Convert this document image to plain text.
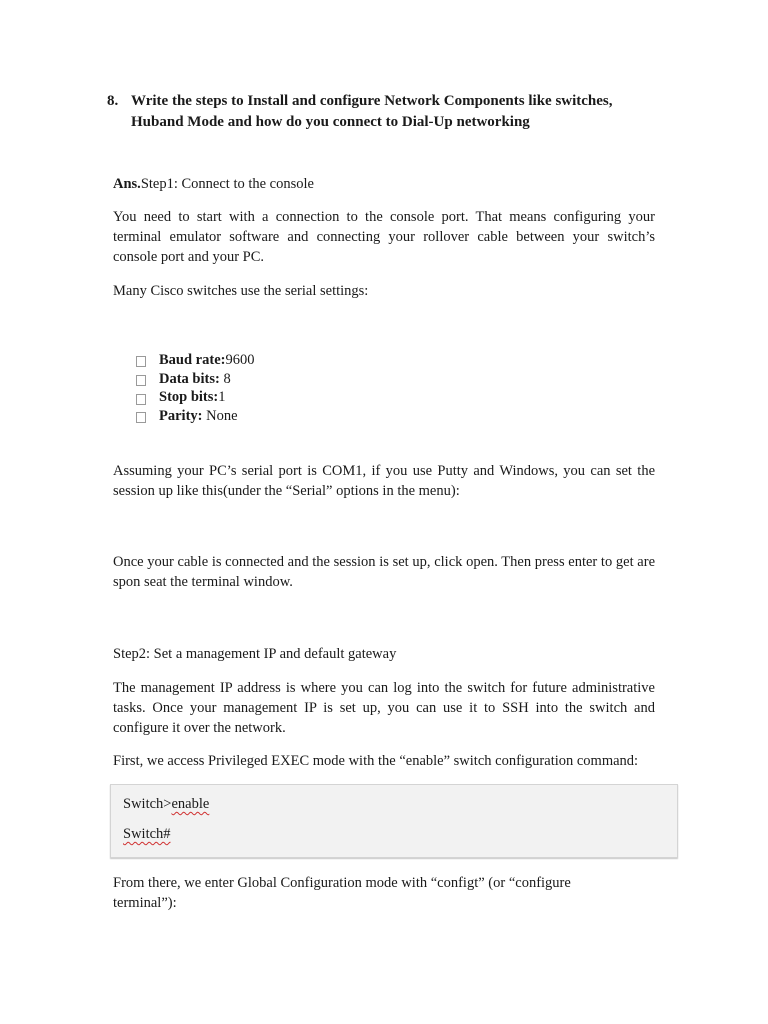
8. Write the steps to Install and configure Network Components like switches,
Huband Mode and how do you connect to Dial-Up networking
Ans.Step1: Connect to the console
You need to start with a connection to the console port. That means configuring your terminal emulator software and connecting your rollover cable between your switch’s console port and your PC.
Many Cisco switches use the serial settings:
Baud rate: 9600
Data bits: 8
Stop bits: 1
Parity: None
Assuming your PC’s serial port is COM1, if you use Putty and Windows, you can set the session up like this(under the “Serial” options in the menu):
Once your cable is connected and the session is set up, click open. Then press enter to get are spon seat the terminal window.
Step2: Set a management IP and default gateway
The management IP address is where you can log into the switch for future administrative tasks. Once your management IP is set up, you can use it to SSH into the switch and configure it over the network.
First, we access Privileged EXEC mode with the “enable” switch configuration command:
Switch>enable
Switch#
From there, we enter Global Configuration mode with “configt” (or “configure terminal”):
